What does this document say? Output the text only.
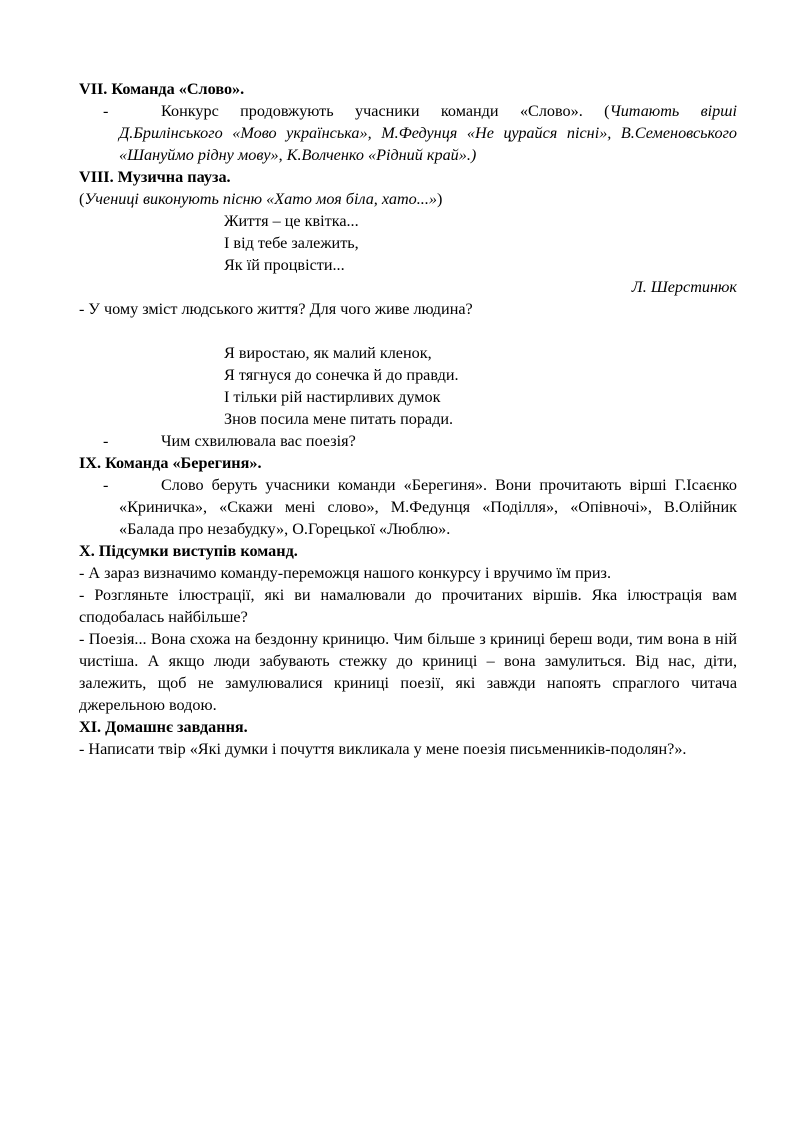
VII. Команда «Слово».

-	Конкурс продовжують учасники команди «Слово». (Читають вірші Д.Брилінського «Мово українська», М.Федунця «Не цурайся пісні», В.Семеновського «Шануймо рідну мову», К.Волченко «Рідний край».)

VIII. Музична пауза.

(Учениці виконують пісню «Хато моя біла, хато...»)

Життя – це квітка...

І від тебе залежить,

Як їй процвісти...

Л. Шерстинюк

- У чому зміст людського життя? Для чого живе людина?

Я виростаю, як малий кленок,

Я тягнуся до сонечка й до правди.

І тільки рій настирливих думок

Знов посила мене питать поради.

-	Чим схвилювала вас поезія?

IX. Команда «Берегиня».

-	Слово беруть учасники команди «Берегиня». Вони прочитають вірші Г.Ісаєнко «Криничка», «Скажи мені слово», М.Федунця «Поділля», «Опівночі», В.Олійник «Балада про незабудку», О.Горецької «Люблю».

X. Підсумки виступів команд.

- А зараз визначимо команду-переможця нашого конкурсу і вручимо їм приз.

- Розгляньте ілюстрації, які ви намалювали до прочитаних віршів. Яка ілюстрація вам сподобалась найбільше?

- Поезія... Вона схожа на бездонну криницю. Чим більше з криниці береш води, тим вона в ній чистіша. А якщо люди забувають стежку до криниці – вона замулиться. Від нас, діти, залежить, щоб не замулювалися криниці поезії, які завжди напоять спраглого читача джерельною водою.

XI. Домашнє завдання.

- Написати твір «Які думки і почуття викликала у мене поезія письменників-подолян?».
